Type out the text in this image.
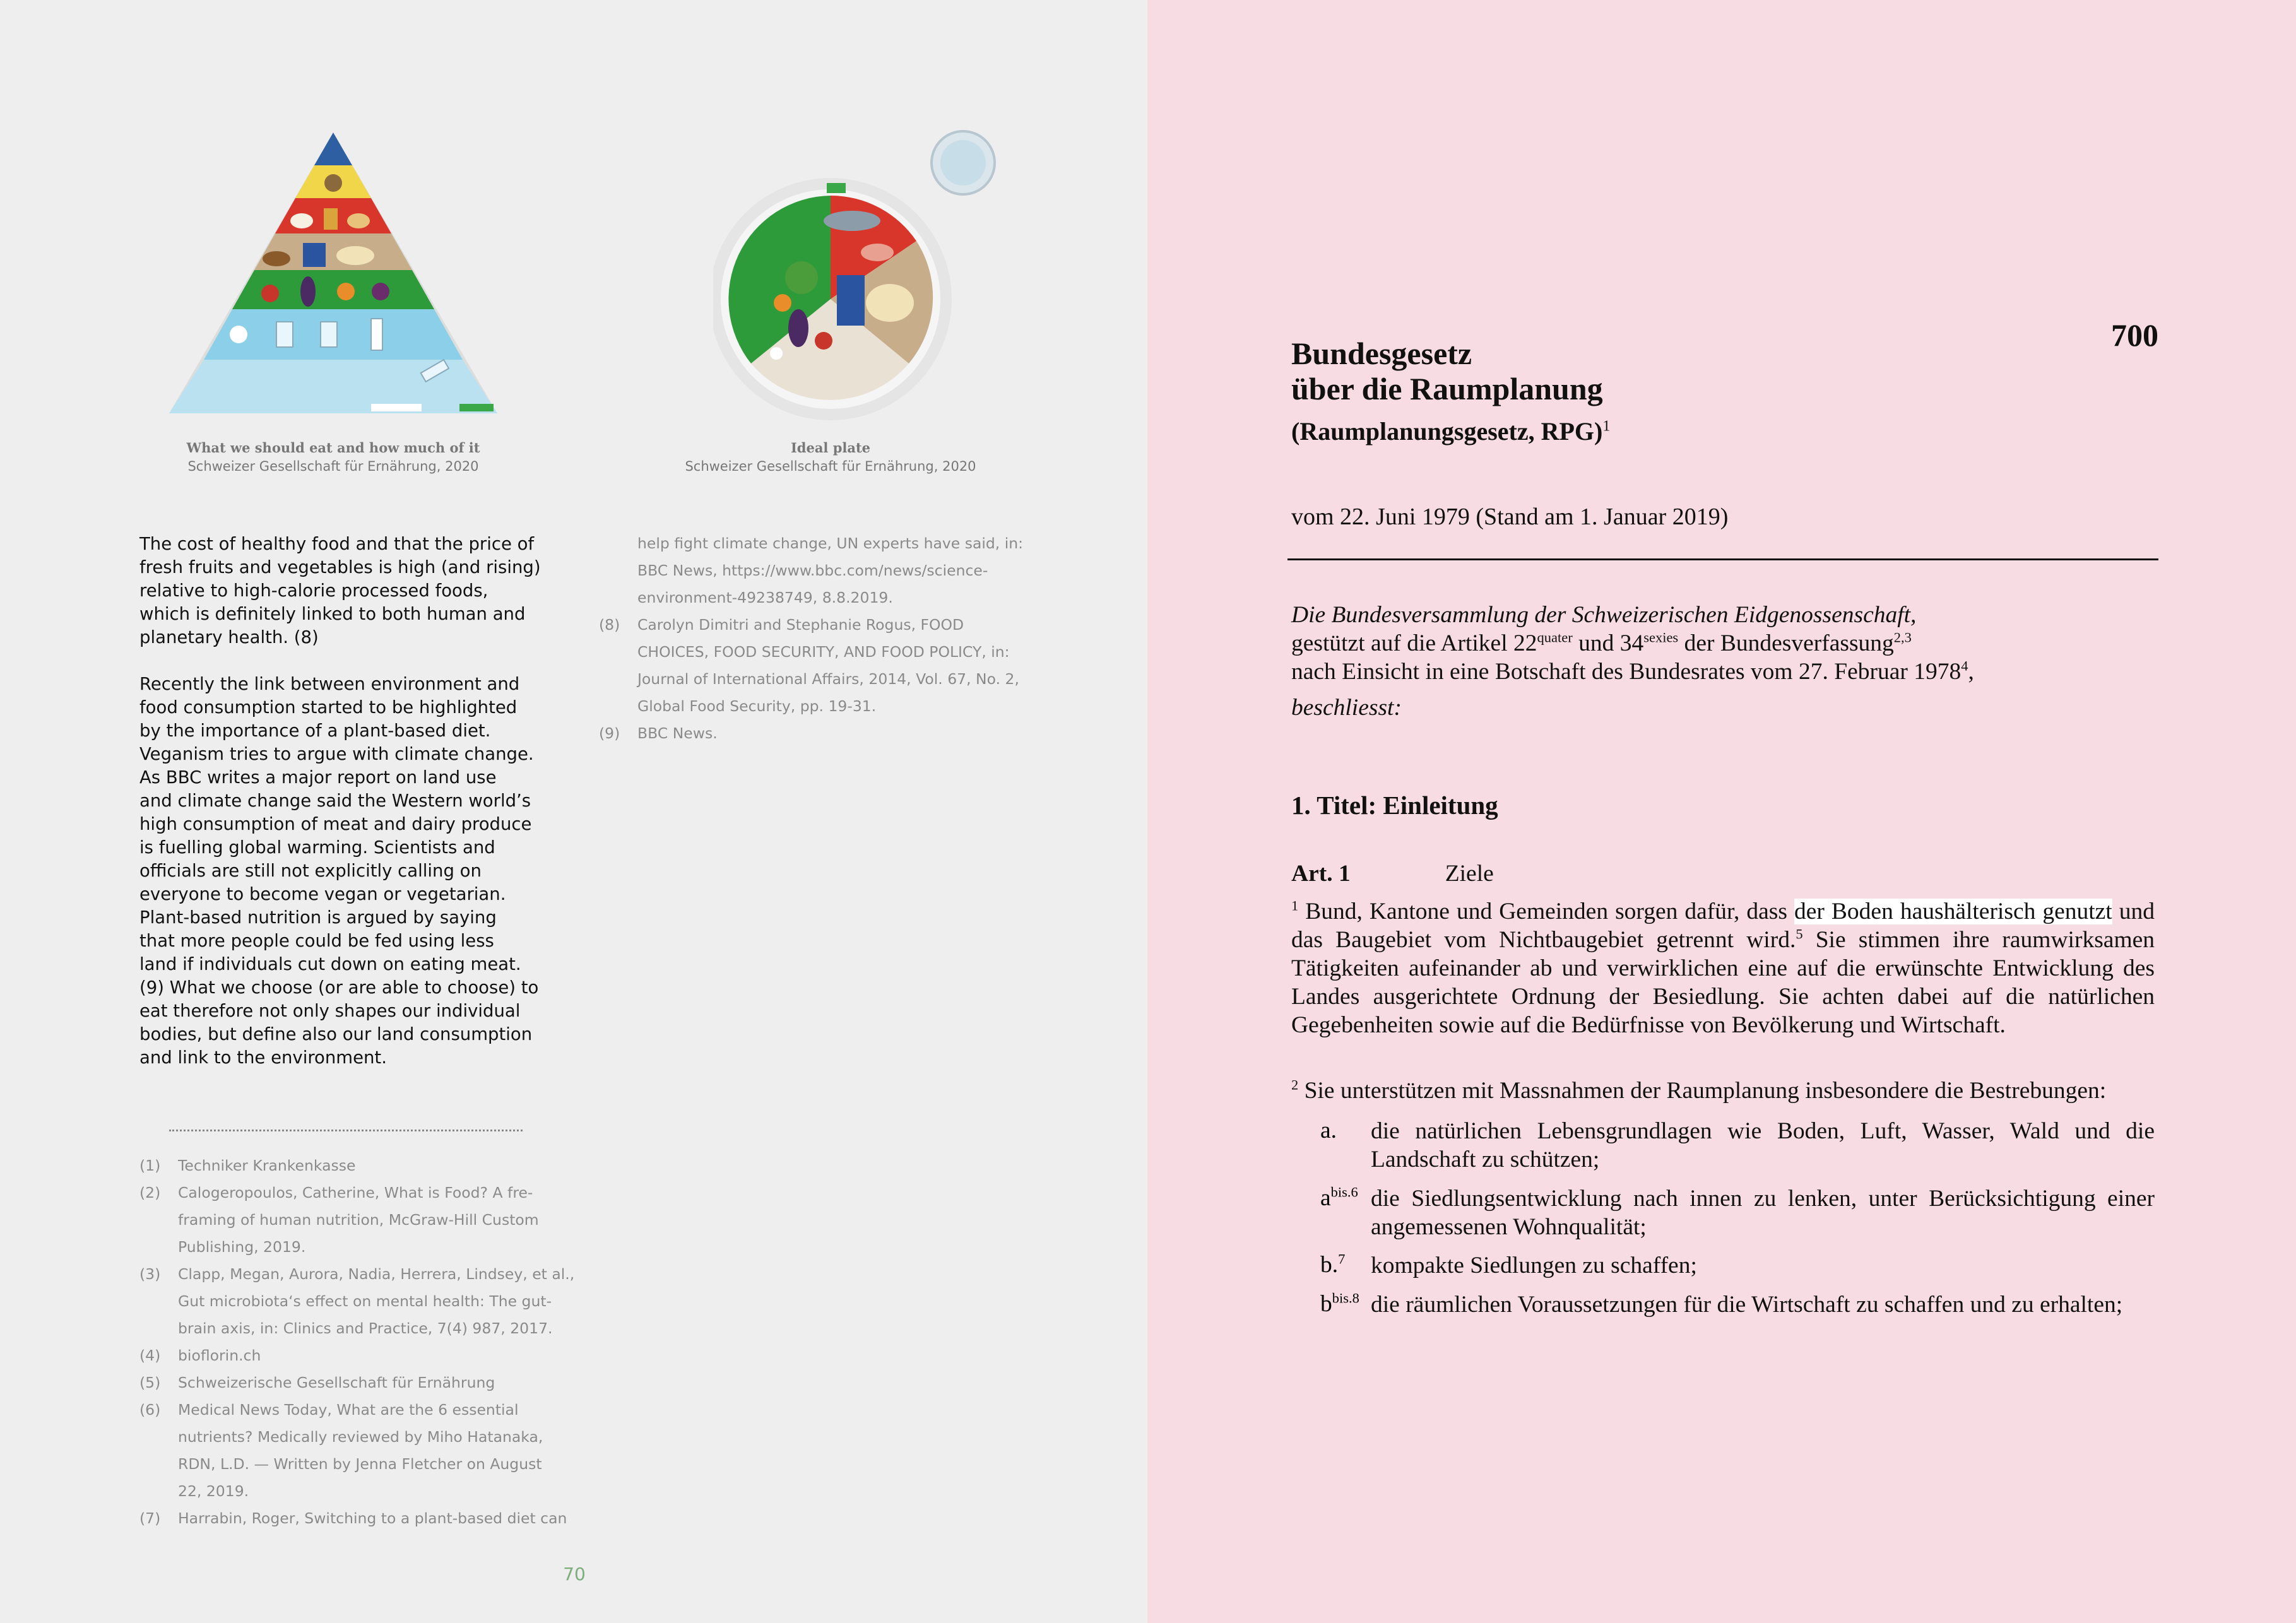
What we should eat and how much of it
Schweizer Gesellschaft für Ernährung, 2020
Ideal plate
Schweizer Gesellschaft für Ernährung, 2020
The cost of healthy food and that the price of
fresh fruits and vegetables is high (and rising)
relative to high-calorie processed foods,
which is definitely linked to both human and
planetary health. (8)
Recently the link between environment and
food consumption started to be highlighted
by the importance of a plant-based diet.
Veganism tries to argue with climate change.
As BBC writes a major report on land use
and climate change said the Western world’s
high consumption of meat and dairy produce
is fuelling global warming. Scientists and
officials are still not explicitly calling on
everyone to become vegan or vegetarian.
Plant-based nutrition is argued by saying
that more people could be fed using less
land if individuals cut down on eating meat.
(9) What we choose (or are able to choose) to
eat therefore not only shapes our individual
bodies, but define also our land consumption
and link to the environment.
help fight climate change, UN experts have said, in:
BBC News, https://www.bbc.com/news/science-
environment-49238749, 8.8.2019.
(8) Carolyn Dimitri and Stephanie Rogus, FOOD
CHOICES, FOOD SECURITY, AND FOOD POLICY, in:
Journal of International Affairs, 2014, Vol. 67, No. 2,
Global Food Security, pp. 19-31.
(9) BBC News.
(1) Techniker Krankenkasse
(2) Calogeropoulos, Catherine, What is Food? A fre-
framing of human nutrition, McGraw-Hill Custom
Publishing, 2019.
(3) Clapp, Megan, Aurora, Nadia, Herrera, Lindsey, et al.,
Gut microbiota‘s effect on mental health: The gut-
brain axis, in: Clinics and Practice, 7(4) 987, 2017.
(4) bioflorin.ch
(5) Schweizerische Gesellschaft für Ernährung
(6) Medical News Today, What are the 6 essential
nutrients? Medically reviewed by Miho Hatanaka,
RDN, L.D. — Written by Jenna Fletcher on August
22, 2019.
(7) Harrabin, Roger, Switching to a plant-based diet can
70
700
Bundesgesetz
über die Raumplanung
(Raumplanungsgesetz, RPG)$^1$
vom 22. Juni 1979 (Stand am 1. Januar 2019)
Die Bundesversammlung der Schweizerischen Eidgenossenschaft,
gestützt auf die Artikel $22^{quater}$ und $34^{sexies}$ der Bundesverfassung$^{2,3}$
nach Einsicht in eine Botschaft des Bundesrates vom 27. Februar 1978$^4$,
beschliesst:
1. Titel: Einleitung
Art. 1	Ziele
$^1$ Bund, Kantone und Gemeinden sorgen dafür, dass der Boden haushälterisch genutzt und das Baugebiet vom Nichtbaugebiet getrennt wird.$^5$ Sie stimmen ihre raumwirksamen Tätigkeiten aufeinander ab und verwirklichen eine auf die erwünschte Entwicklung des Landes ausgerichtete Ordnung der Besiedlung. Sie achten dabei auf die natürlichen Gegebenheiten sowie auf die Bedürfnisse von Bevölkerung und Wirtschaft.
$^2$ Sie unterstützen mit Massnahmen der Raumplanung insbesondere die Bestrebungen:
a. die natürlichen Lebensgrundlagen wie Boden, Luft, Wasser, Wald und die Landschaft zu schützen;
$a^{bis.6}$ die Siedlungsentwicklung nach innen zu lenken, unter Berücksichtigung einer angemessenen Wohnqualität;
b.$^7$ kompakte Siedlungen zu schaffen;
$b^{bis.8}$ die räumlichen Voraussetzungen für die Wirtschaft zu schaffen und zu erhalten;
